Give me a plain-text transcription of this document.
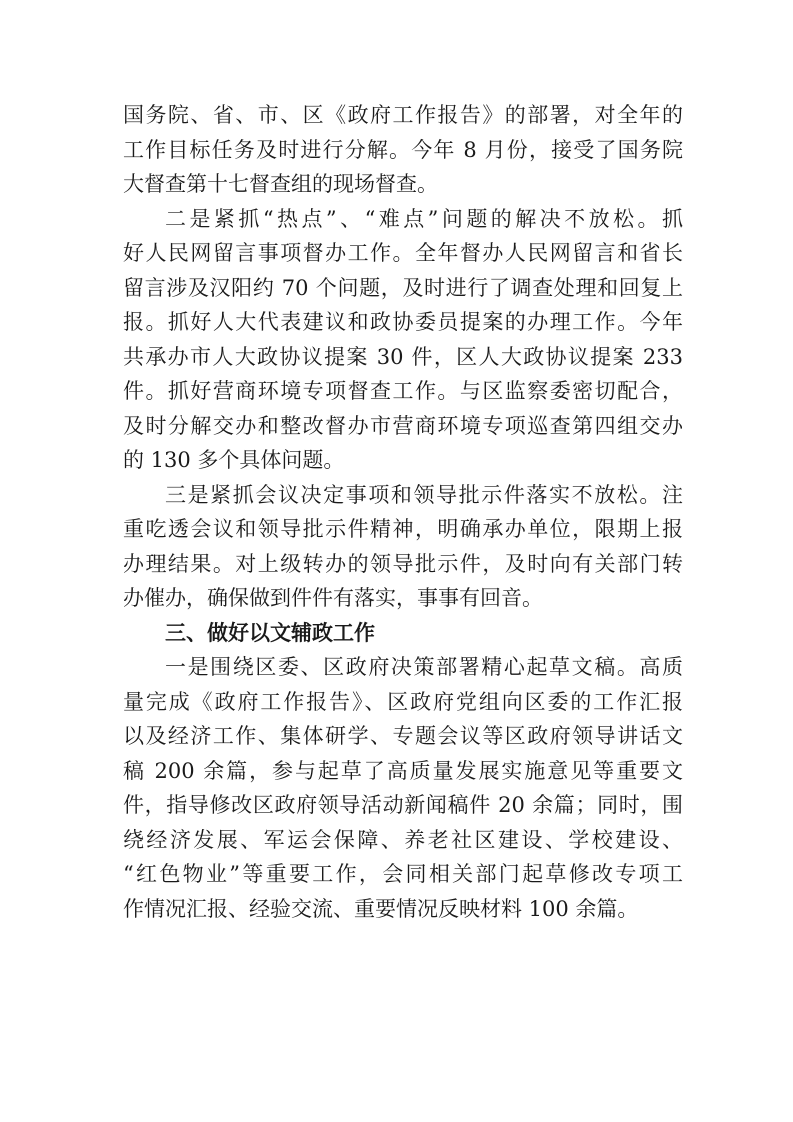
国务院、省、市、区《政府工作报告》的部署，对全年的
工作目标任务及时进行分解。今年 8 月份，接受了国务院
大督查第十七督查组的现场督查。
二是紧抓“热点”、“难点”问题的解决不放松。抓
好人民网留言事项督办工作。全年督办人民网留言和省长
留言涉及汉阳约 70 个问题，及时进行了调查处理和回复上
报。抓好人大代表建议和政协委员提案的办理工作。今年
共承办市人大政协议提案 30 件，区人大政协议提案 233
件。抓好营商环境专项督查工作。与区监察委密切配合，
及时分解交办和整改督办市营商环境专项巡查第四组交办
的 130 多个具体问题。
三是紧抓会议决定事项和领导批示件落实不放松。注
重吃透会议和领导批示件精神，明确承办单位，限期上报
办理结果。对上级转办的领导批示件，及时向有关部门转
办催办，确保做到件件有落实，事事有回音。
三、做好以文辅政工作
一是围绕区委、区政府决策部署精心起草文稿。高质
量完成《政府工作报告》、区政府党组向区委的工作汇报
以及经济工作、集体研学、专题会议等区政府领导讲话文
稿 200 余篇，参与起草了高质量发展实施意见等重要文
件，指导修改区政府领导活动新闻稿件 20 余篇；同时，围
绕经济发展、军运会保障、养老社区建设、学校建设、
“红色物业”等重要工作，会同相关部门起草修改专项工
作情况汇报、经验交流、重要情况反映材料 100 余篇。
